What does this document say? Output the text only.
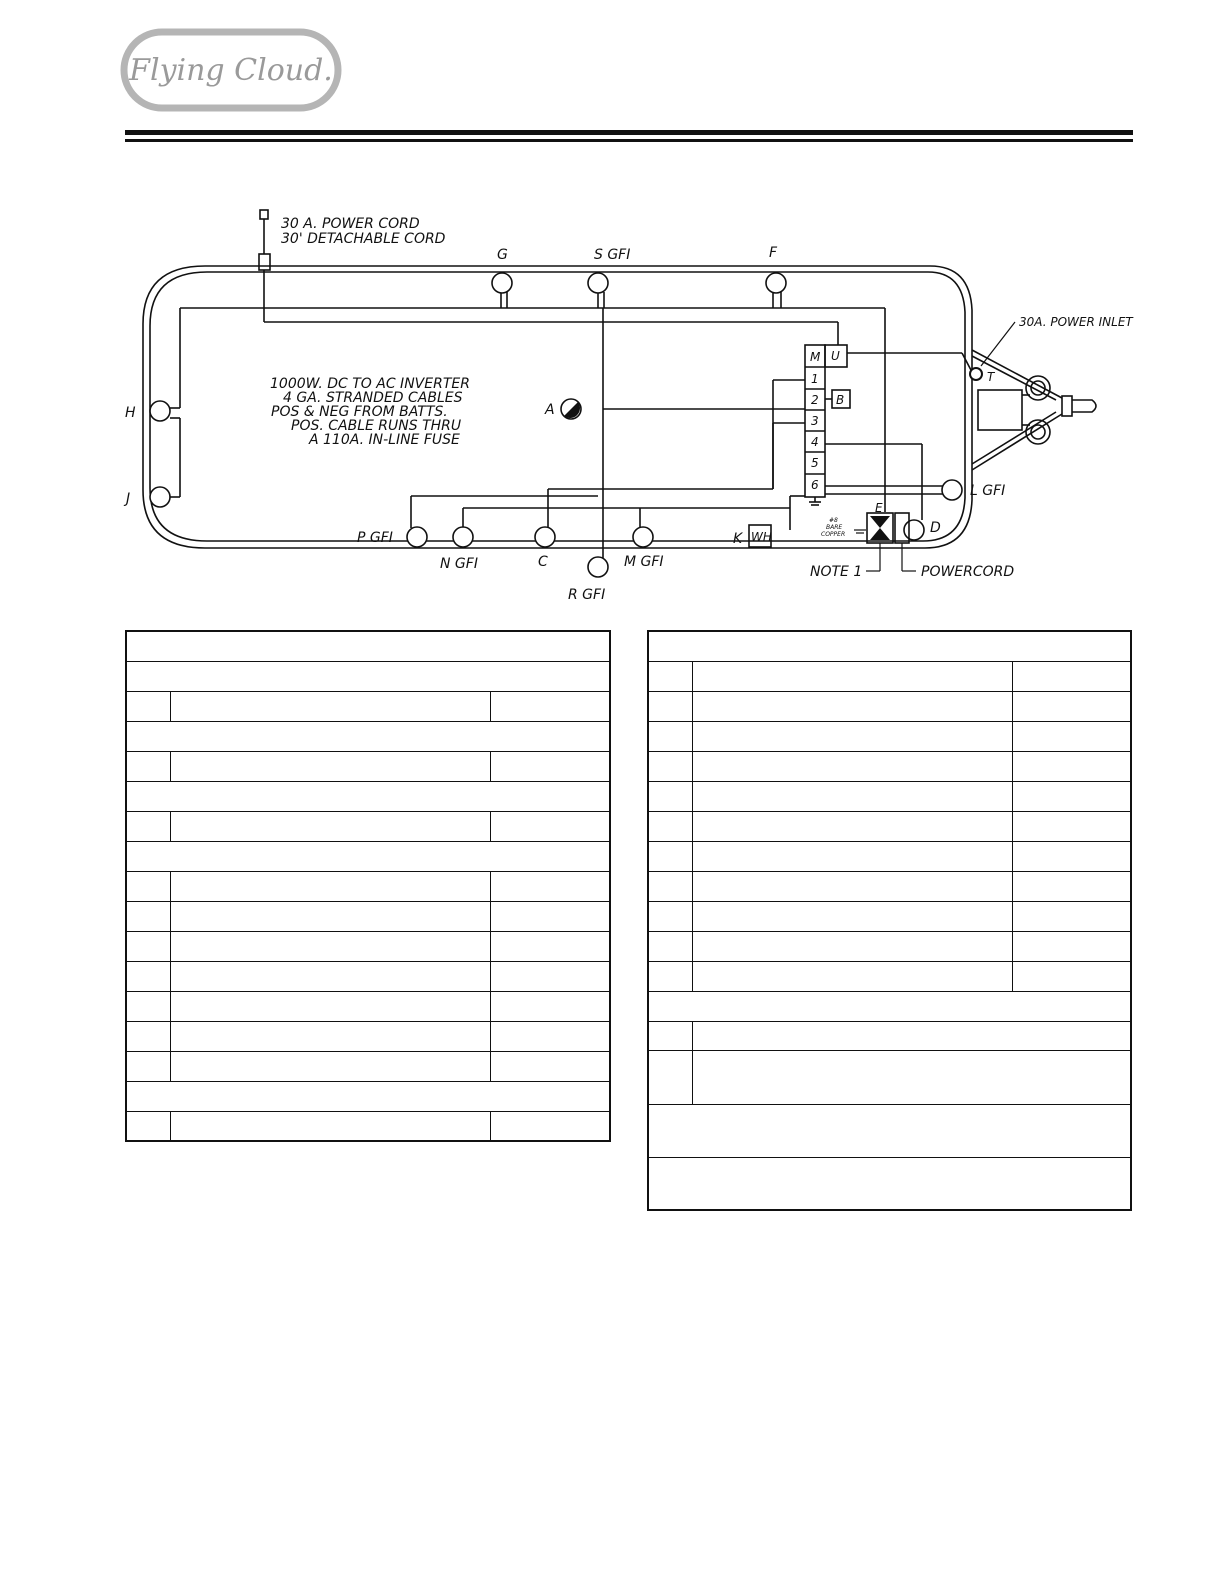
Flying Cloud.
30 A. POWER CORD
30' DETACHABLE CORD
G	S GFI	F
H
J
A
B
P GFI
N GFI	C
R GFI
M GFI
K WH
E
D
L GFI
T
30A. POWER INLET
NOTE 1	POWERCORD
M U
1
2
3
4
5
6
#8
BARE
COPPER
1000W. DC TO AC INVERTER
4 GA. STRANDED CABLES
POS & NEG FROM BATTS.
POS. CABLE RUNS THRU
A 110A. IN-LINE FUSE
